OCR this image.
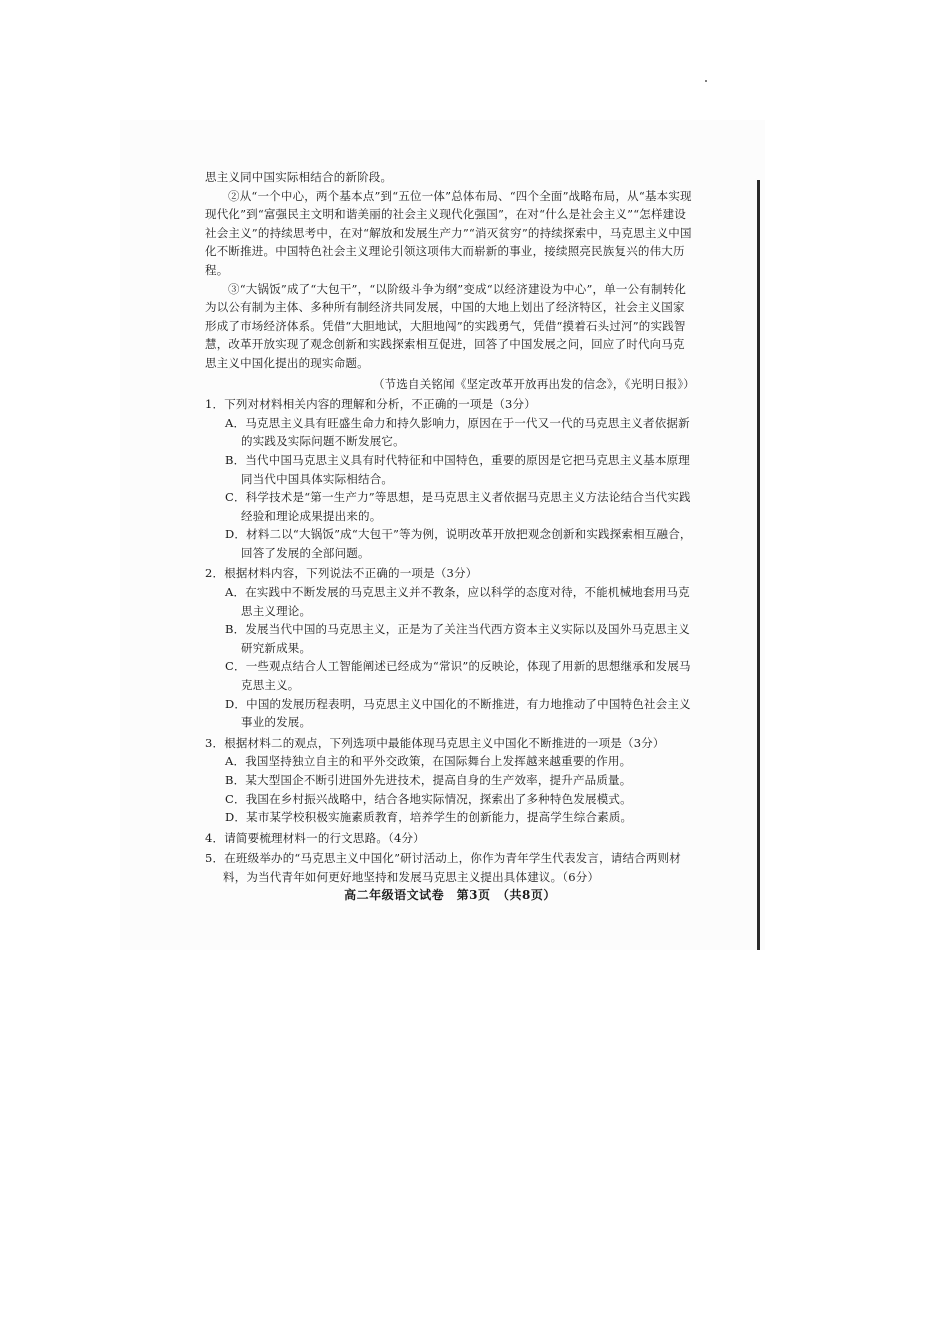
思主义同中国实际相结合的新阶段。

②从“一个中心，两个基本点”到“五位一体”总体布局、“四个全面”战略布局，从“基本实现现代化”到“富强民主文明和谐美丽的社会主义现代化强国”，在对“什么是社会主义”“怎样建设社会主义”的持续思考中，在对“解放和发展生产力”“消灭贫穷”的持续探索中，马克思主义中国化不断推进。中国特色社会主义理论引领这项伟大而崭新的事业，接续照亮民族复兴的伟大历程。

③“大锅饭”成了“大包干”，“以阶级斗争为纲”变成“以经济建设为中心”，单一公有制转化为以公有制为主体、多种所有制经济共同发展，中国的大地上划出了经济特区，社会主义国家形成了市场经济体系。凭借“大胆地试，大胆地闯”的实践勇气，凭借“摸着石头过河”的实践智慧，改革开放实现了观念创新和实践探索相互促进，回答了中国发展之问，回应了时代向马克思主义中国化提出的现实命题。

（节选自关铭闻《坚定改革开放再出发的信念》，《光明日报》）

1．下列对材料相关内容的理解和分析，不正确的一项是（3分）
A．马克思主义具有旺盛生命力和持久影响力，原因在于一代又一代的马克思主义者依据新的实践及实际问题不断发展它。
B．当代中国马克思主义具有时代特征和中国特色，重要的原因是它把马克思主义基本原理同当代中国具体实际相结合。
C．科学技术是“第一生产力”等思想，是马克思主义者依据马克思主义方法论结合当代实践经验和理论成果提出来的。
D．材料二以“大锅饭”成“大包干”等为例，说明改革开放把观念创新和实践探索相互融合，回答了发展的全部问题。
2．根据材料内容，下列说法不正确的一项是（3分）
A．在实践中不断发展的马克思主义并不教条，应以科学的态度对待，不能机械地套用马克思主义理论。
B．发展当代中国的马克思主义，正是为了关注当代西方资本主义实际以及国外马克思主义研究新成果。
C．一些观点结合人工智能阐述已经成为“常识”的反映论，体现了用新的思想继承和发展马克思主义。
D．中国的发展历程表明，马克思主义中国化的不断推进，有力地推动了中国特色社会主义事业的发展。
3．根据材料二的观点，下列选项中最能体现马克思主义中国化不断推进的一项是（3分）
A．我国坚持独立自主的和平外交政策，在国际舞台上发挥越来越重要的作用。
B．某大型国企不断引进国外先进技术，提高自身的生产效率，提升产品质量。
C．我国在乡村振兴战略中，结合各地实际情况，探索出了多种特色发展模式。
D．某市某学校积极实施素质教育，培养学生的创新能力，提高学生综合素质。
4．请简要梳理材料一的行文思路。（4分）
5．在班级举办的“马克思主义中国化”研讨活动上，你作为青年学生代表发言，请结合两则材料，为当代青年如何更好地坚持和发展马克思主义提出具体建议。（6分）
高二年级语文试卷　第3页　（共8页）
